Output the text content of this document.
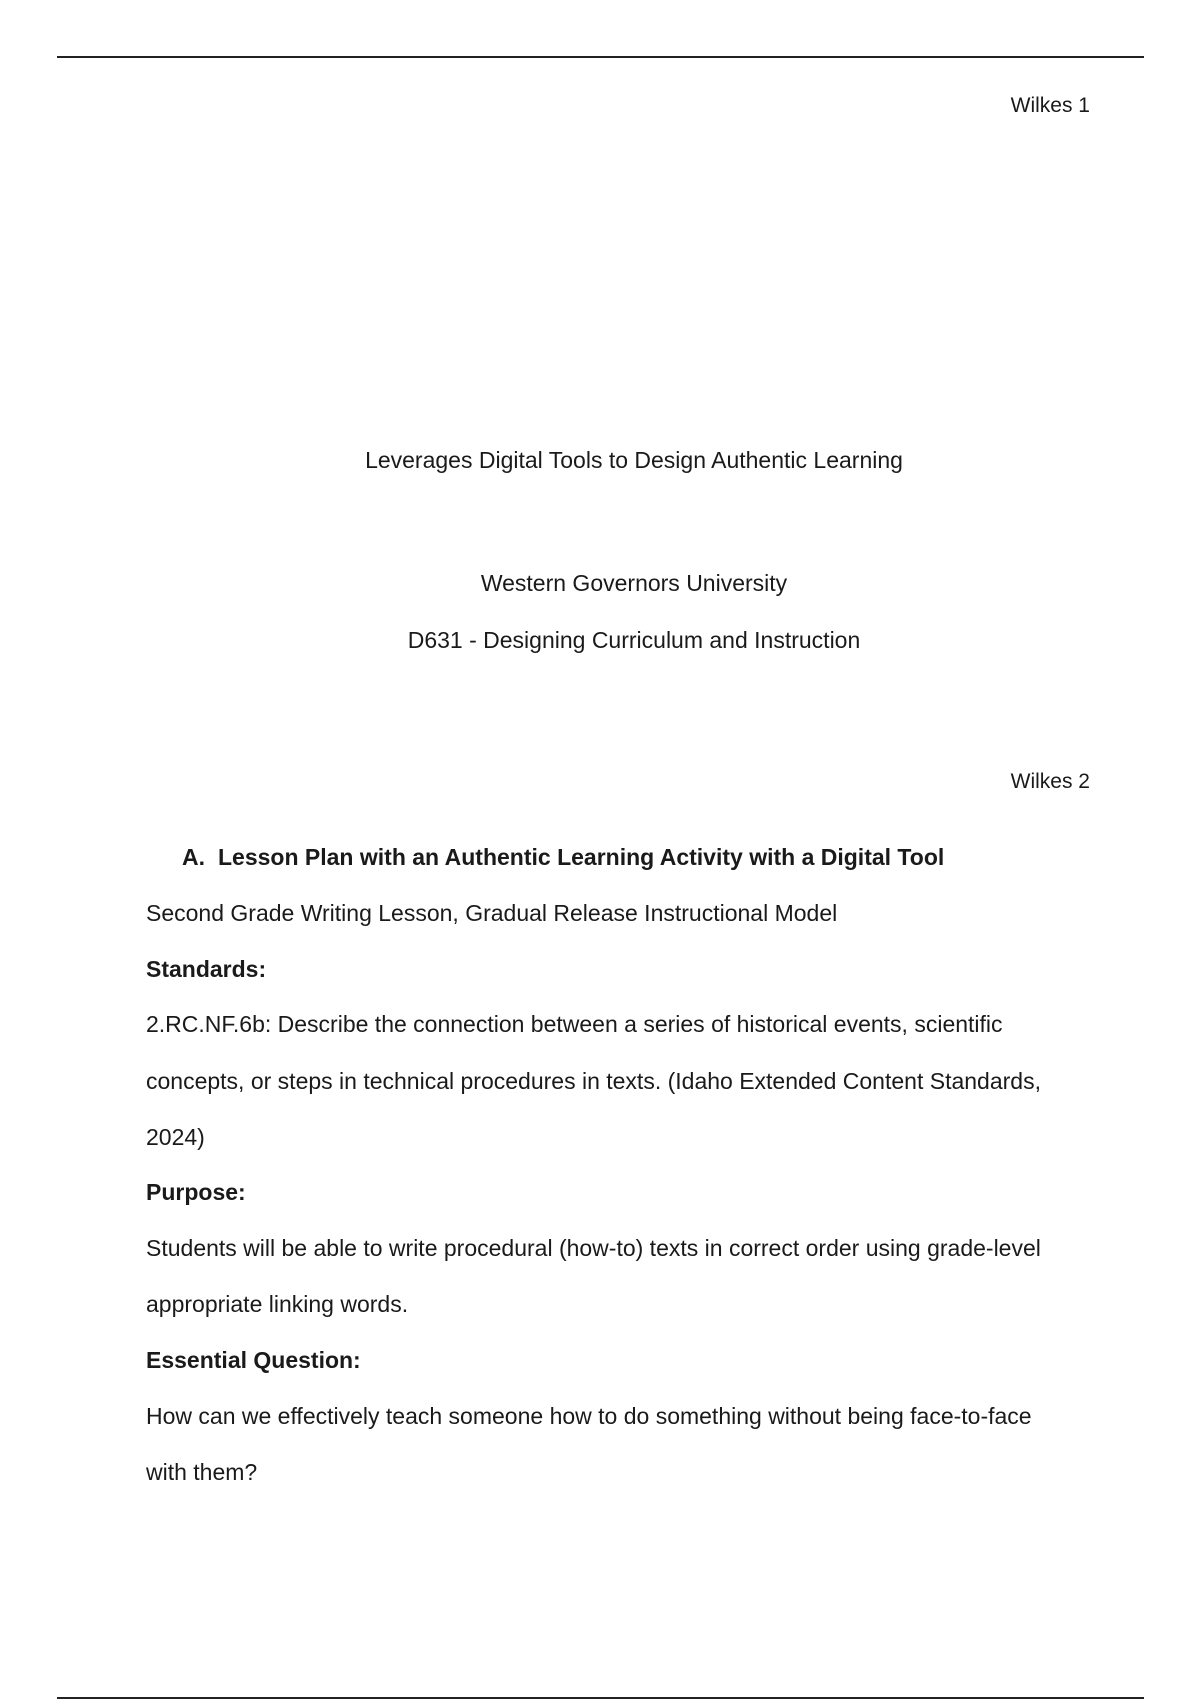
Wilkes 1
Leverages Digital Tools to Design Authentic Learning
Western Governors University
D631 - Designing Curriculum and Instruction
Wilkes 2
A. Lesson Plan with an Authentic Learning Activity with a Digital Tool
Second Grade Writing Lesson, Gradual Release Instructional Model
Standards:
2.RC.NF.6b: Describe the connection between a series of historical events, scientific
concepts, or steps in technical procedures in texts. (Idaho Extended Content Standards,
2024)
Purpose:
Students will be able to write procedural (how-to) texts in correct order using grade-level
appropriate linking words.
Essential Question:
How can we effectively teach someone how to do something without being face-to-face
with them?
